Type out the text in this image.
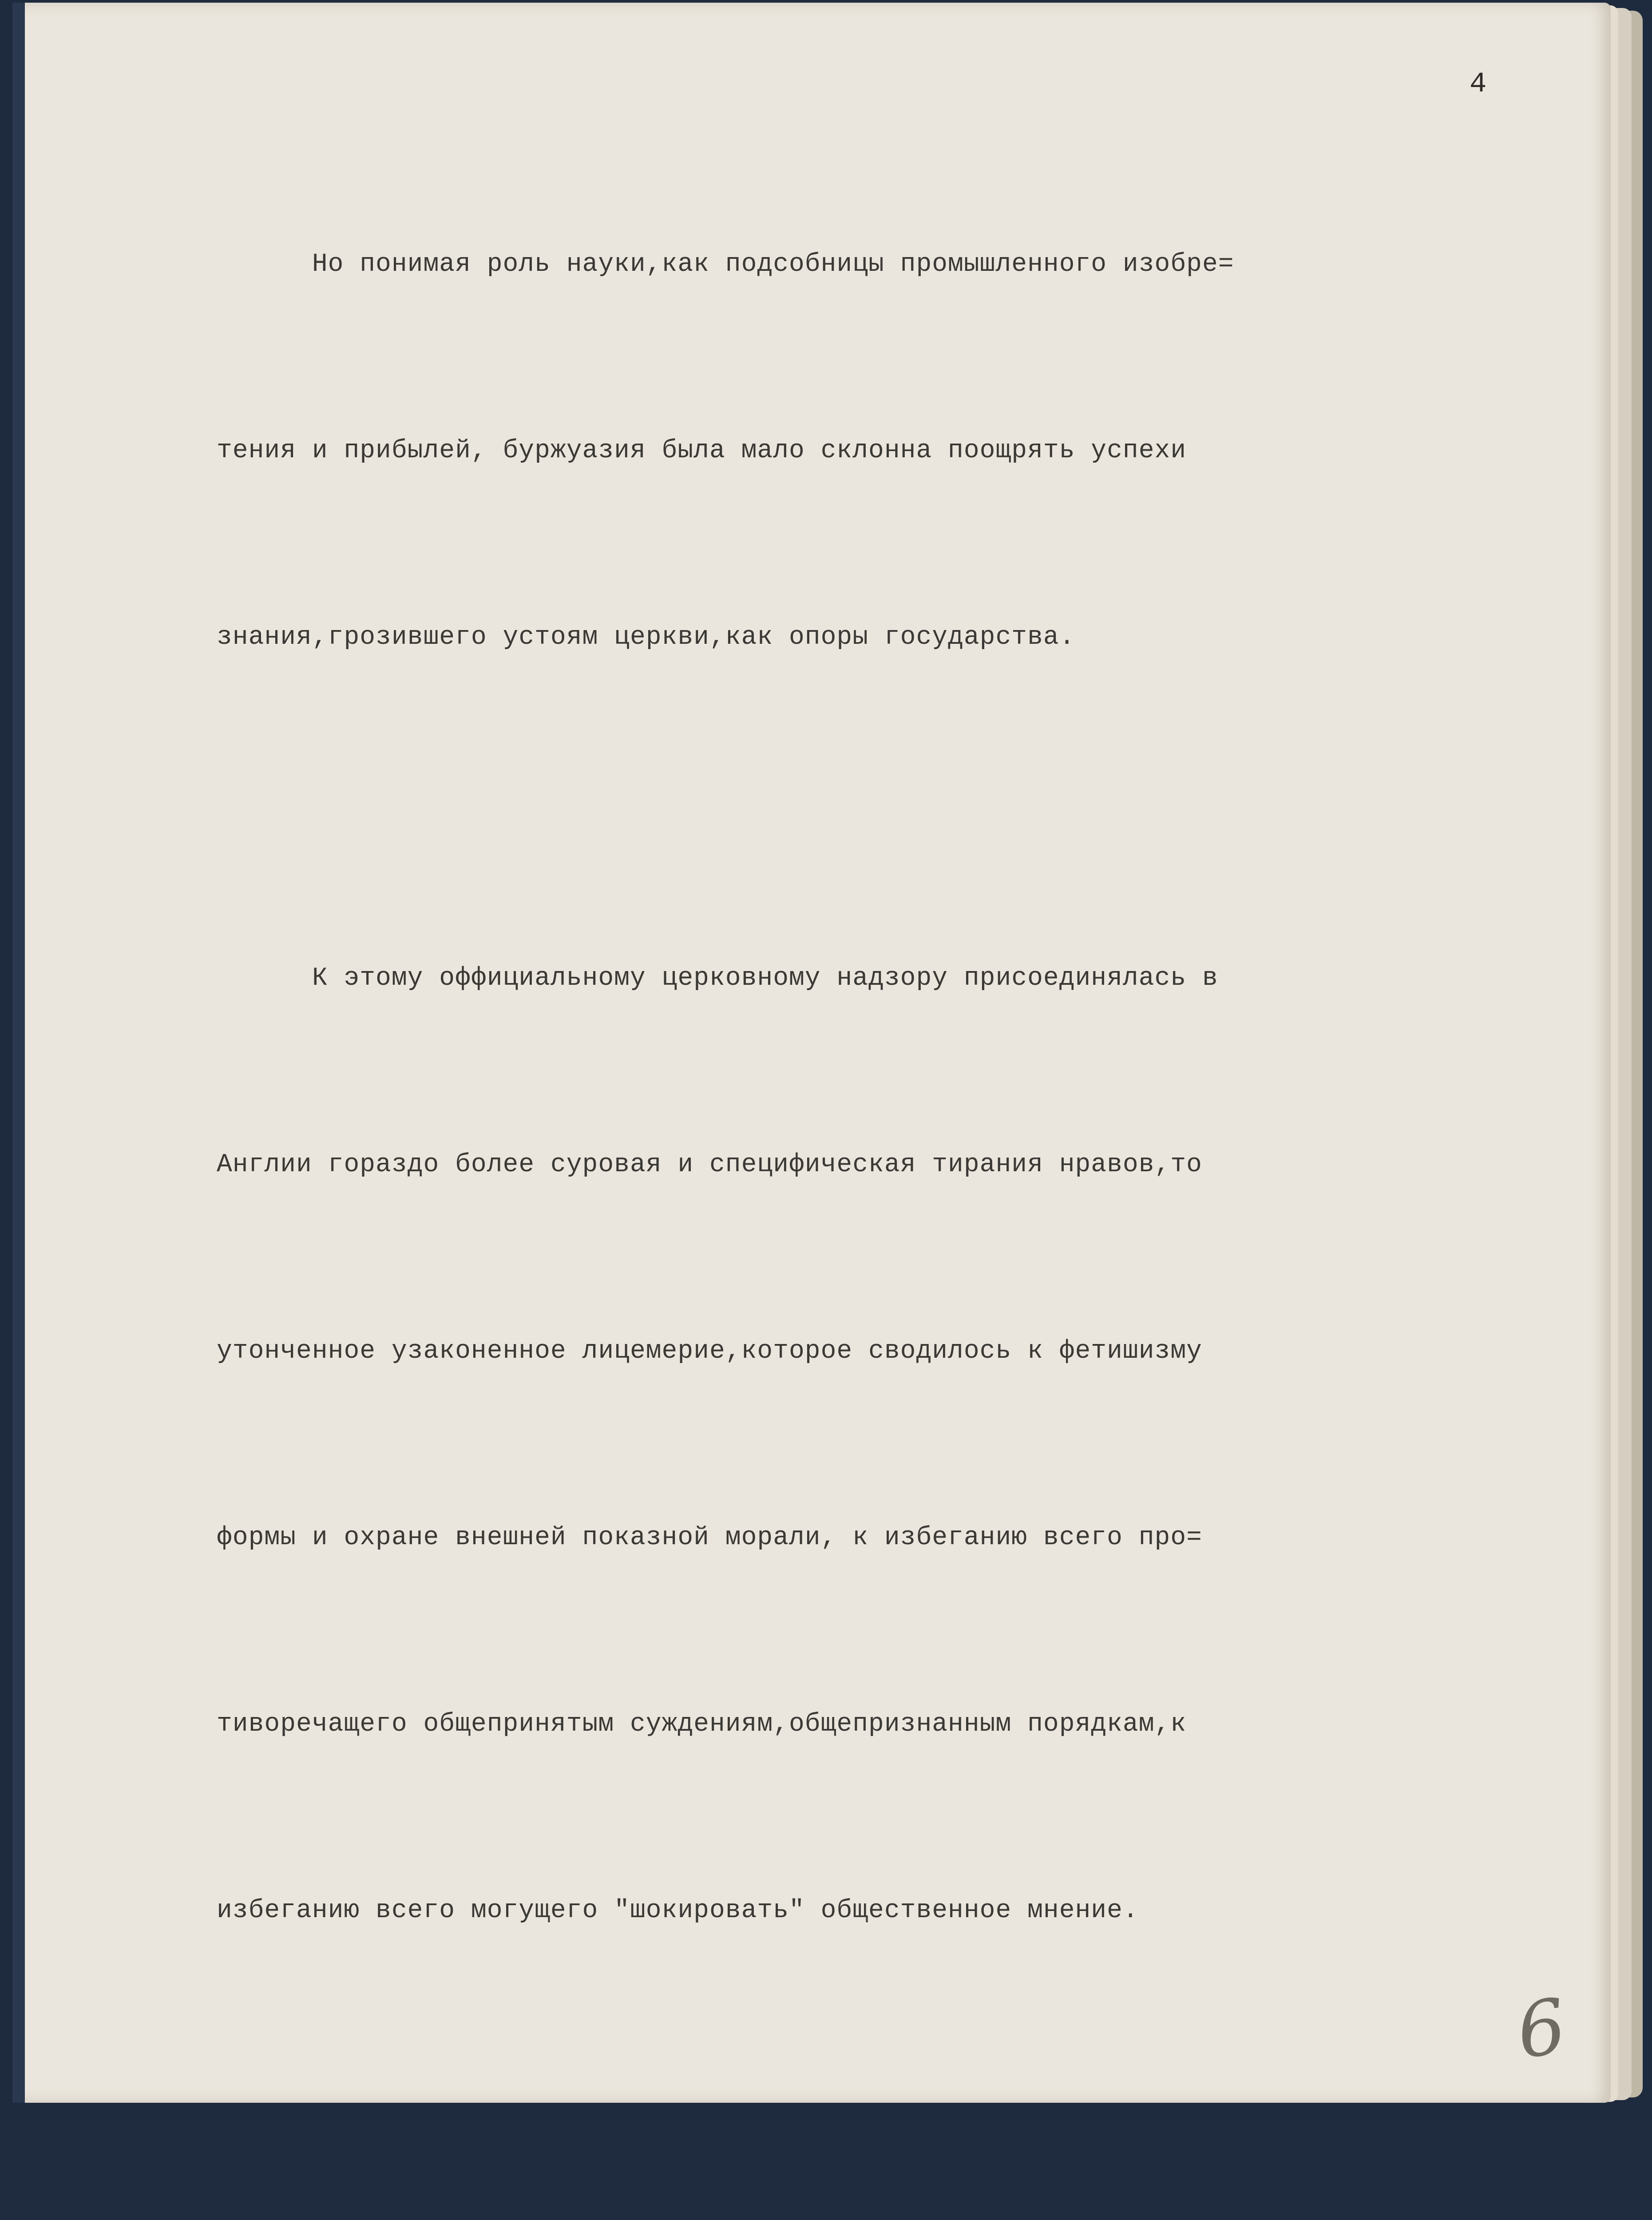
4

Но понимая роль науки,как подсобницы промышленного изобре=

тения и прибылей, буржуазия была мало склонна поощрять успехи

знания,грозившего устоям церкви,как опоры государства.

К этому оффициальному церковному надзору присоединялась в

Англии гораздо более суровая и специфическая тирания нравов,то

утонченное узаконенное лицемерие,которое сводилось к фетишизму

формы и охране внешней показной морали, к избеганию всего про=

тиворечащего общепринятым суждениям,общепризнанным порядкам,к

избеганию всего могущего "шокировать" общественное мнение.

6
